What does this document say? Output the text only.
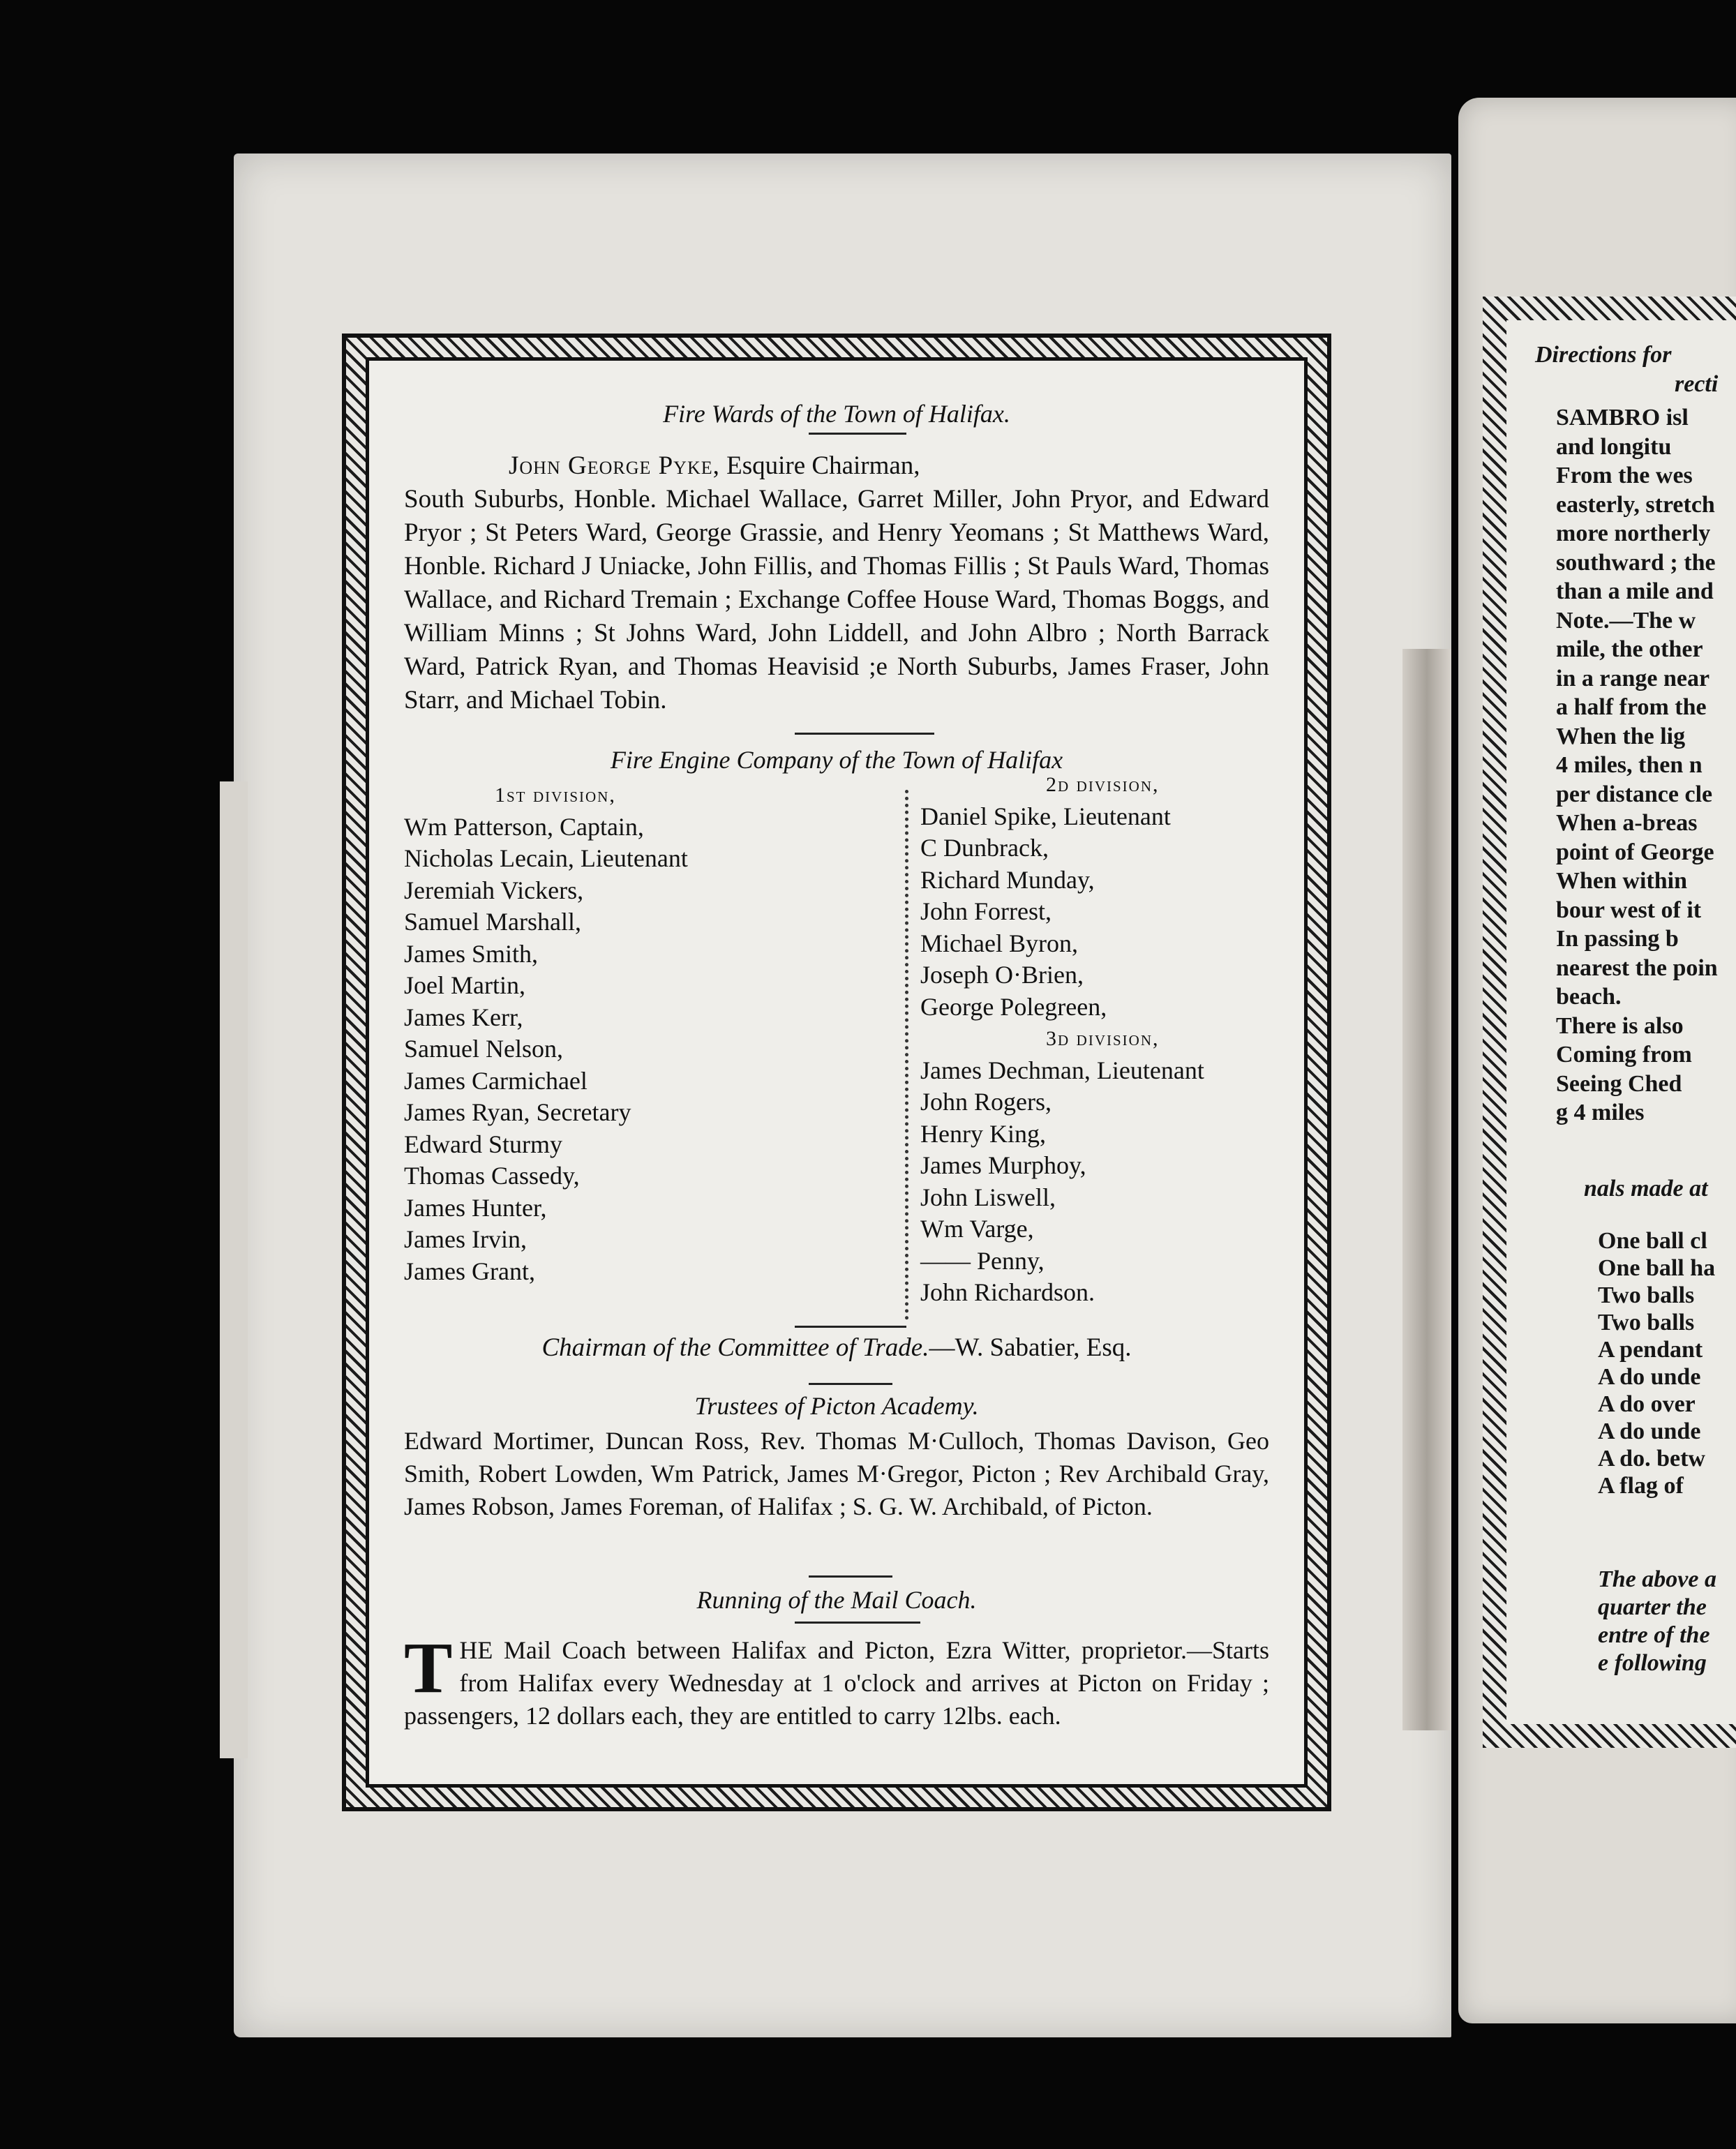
Fire Wards of the Town of Halifax.
John George Pyke, Esquire Chairman,

South Suburbs, Honble. Michael Wallace, Garret Miller, John Pryor, and Edward Pryor ; St Peters Ward, George Grassie, and Henry Yeomans ; St Matthews Ward, Honble. Richard J Uniacke, John Fillis, and Thomas Fillis ; St Pauls Ward, Thomas Wallace, and Richard Tremain ; Exchange Coffee House Ward, Thomas Boggs, and William Minns ; St Johns Ward, John Liddell, and John Albro ; North Barrack Ward, Patrick Ryan, and Thomas Heavisid ;e North Suburbs, James Fraser, John Starr, and Michael Tobin.
Fire Engine Company of the Town of Halifax
1st division,
Wm Patterson, Captain,
Nicholas Lecain, Lieutenant
Jeremiah Vickers,
Samuel Marshall,
James Smith,
Joel Martin,
James Kerr,
Samuel Nelson,
James Carmichael
James Ryan, Secretary
Edward Sturmy
Thomas Cassedy,
James Hunter,
James Irvin,
James Grant,
2d division,
Daniel Spike, Lieutenant
C Dunbrack,
Richard Munday,
John Forrest,
Michael Byron,
Joseph O·Brien,
George Polegreen,
3d division,
James Dechman, Lieutenant
John Rogers,
Henry King,
James Murphoy,
John Liswell,
Wm Varge,
—— Penny,
John Richardson.
Chairman of the Committee of Trade.—W. Sabatier, Esq.
Trustees of Picton Academy.
Edward Mortimer, Duncan Ross, Rev. Thomas M·Culloch, Thomas Davison, Geo Smith, Robert Lowden, Wm Patrick, James M·Gregor, Picton ; Rev Archibald Gray, James Robson, James Foreman, of Halifax ; S. G. W. Archibald, of Picton.
Running of the Mail Coach.
THE Mail Coach between Halifax and Picton, Ezra Witter, proprietor.—Starts from Halifax every Wednesday at 1 o'clock and arrives at Picton on Friday ; passengers, 12 dollars each, they are entitled to carry 12lbs. each.
Directions for
recti
SAMBRO isl
and longitu
From the wes
easterly, stretch
more northerly
southward ; the
than a mile and
Note.—The w
mile, the other
in a range near
a half from the
When the lig
4 miles, then n
per distance cle
When a-breas
point of George
When within
bour west of it
In passing b
nearest the poin
beach.
There is also
Coming from
Seeing Ched
g 4 miles
nals made at
One ball cl
One ball ha
Two balls
Two balls
A pendant
A do unde
A do over
A do unde
A do. betw
A flag of
The above a
quarter the
entre of the
e following
